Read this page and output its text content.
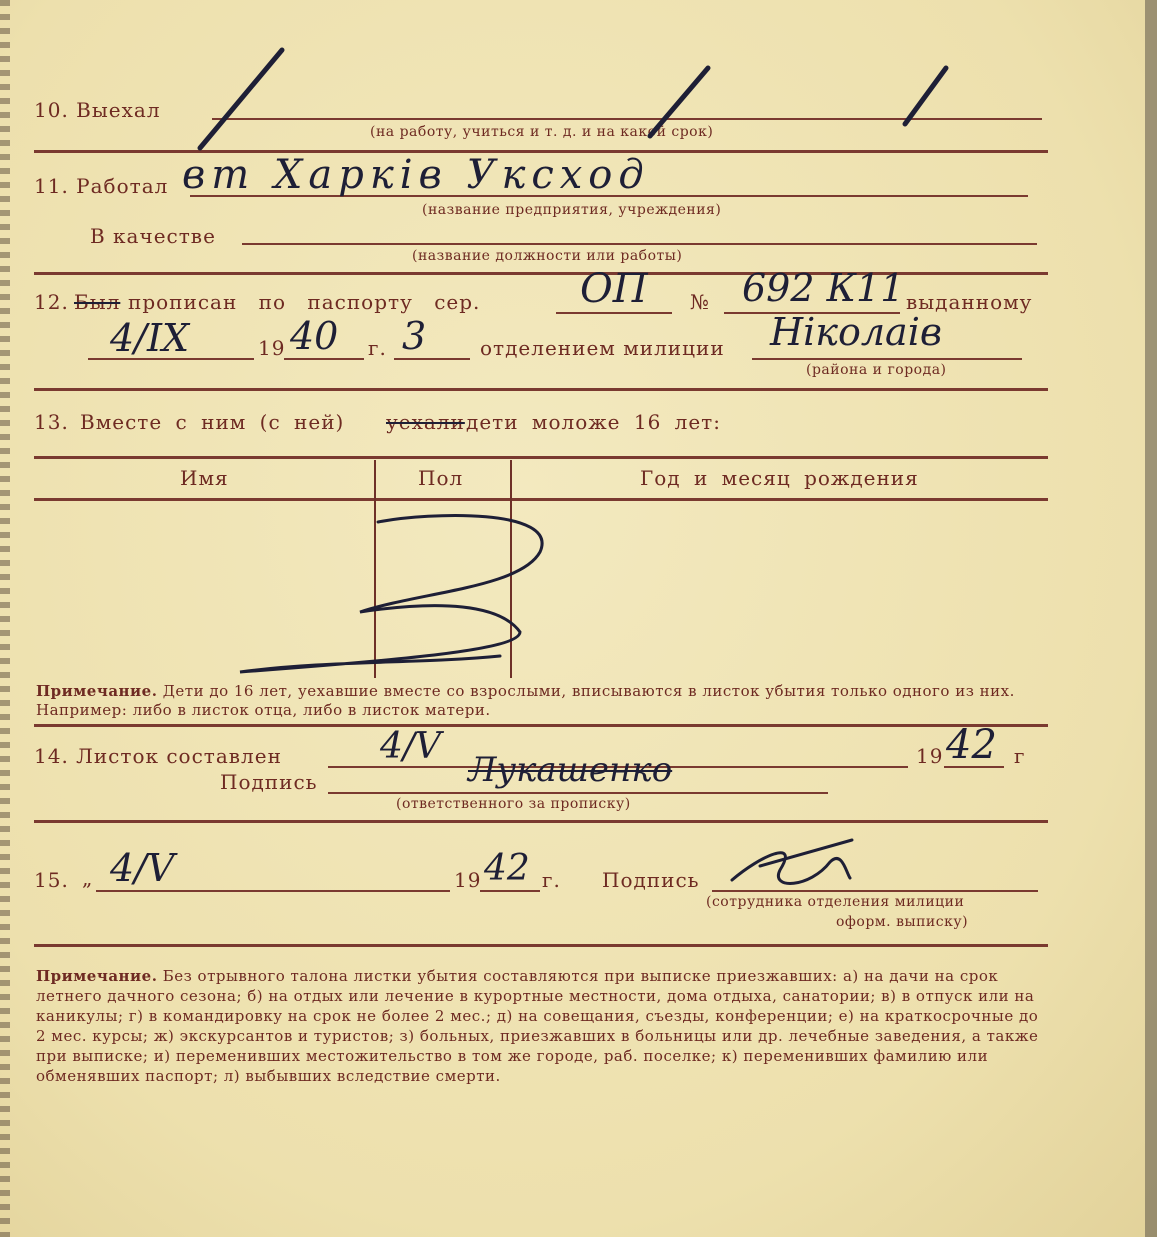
10. Выехал
(на работу, учиться и т. д. и на какой срок)
11. Работал вт Харкiв Уксход
(название предприятия, учреждения)
В качестве
(название должности или работы)
12. Был прописан по паспорту сер. ОП № 692 К11 выданному
4/IX	19 40 г. 3	отделением милиции Нiколаiв
(района и города)
13. Вместе с ним (с ней) уехали дети моложе 16 лет:
Имя	Пол	Год и месяц рождения
Примечание. Дети до 16 лет, уехавшие вместе со взрослыми, вписываются в листок убытия только одного из них. Например: либо в листок отца, либо в листок матери.
14. Листок составлен	4/V	19 42 г
Подпись	Лукашенко
(ответственного за прописку)
15. „ 4/V	19 42 г. Подпись
(сотрудника отделения милиции
оформ. выписку)
Примечание. Без отрывного талона листки убытия составляются при выписке приезжавших: а) на дачи на срок летнего дачного сезона; б) на отдых или лечение в курортные местности, дома отдыха, санатории; в) в отпуск или на каникулы; г) в командировку на срок не более 2 мес.; д) на совещания, съезды, конференции; е) на краткосрочные до 2 мес. курсы; ж) экскурсантов и туристов; з) больных, приезжавших в больницы или др. лечебные заведения, а также при выписке; и) переменивших местожительство в том же городе, раб. поселке; к) переменивших фамилию или обменявших паспорт; л) выбывших вследствие смерти.
